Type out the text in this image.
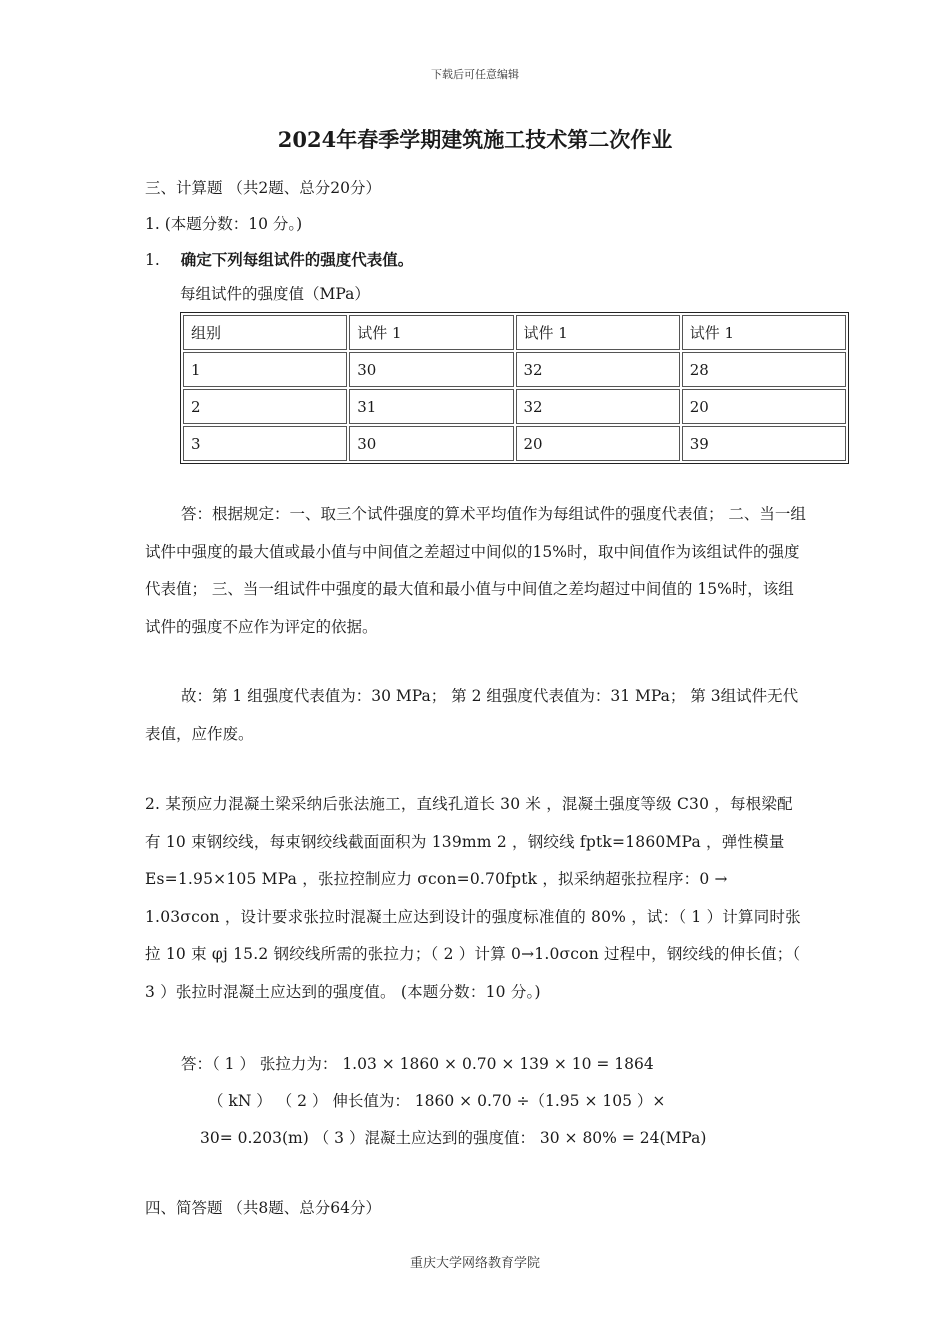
下载后可任意编辑
2024年春季学期建筑施工技术第二次作业
三、计算题 （共2题、总分20分）
1. (本题分数：10 分。)
1. 确定下列每组试件的强度代表值。
每组试件的强度值（MPa）
组别	试件 1	试件 1	试件 1
1	30	32	28
2	31	32	20
3	30	20	39
答：根据规定：一、取三个试件强度的算术平均值作为每组试件的强度代表值； 二、当一组试件中强度的最大值或最小值与中间值之差超过中间似的15%时，取中间值作为该组试件的强度代表值； 三、当一组试件中强度的最大值和最小值与中间值之差均超过中间值的 15%时，该组试件的强度不应作为评定的依据。
故：第 1 组强度代表值为：30 MPa； 第 2 组强度代表值为：31 MPa； 第 3组试件无代表值，应作废。
2. 某预应力混凝土梁采纳后张法施工，直线孔道长 30 米 ，混凝土强度等级 C30 ，每根梁配有 10 束钢绞线，每束钢绞线截面面积为 139mm 2 ，钢绞线 fptk=1860MPa ，弹性模量 Es=1.95×105 MPa ，张拉控制应力 σcon=0.70fptk ，拟采纳超张拉程序：0 → 1.03σcon ，设计要求张拉时混凝土应达到设计的强度标准值的 80% ，试：（ 1 ）计算同时张拉 10 束 φj 15.2 钢绞线所需的张拉力；（ 2 ）计算 0→1.0σcon 过程中，钢绞线的伸长值；（ 3 ）张拉时混凝土应达到的强度值。 (本题分数：10 分。)
答：（ 1 ） 张拉力为： 1.03 × 1860 × 0.70 × 139 × 10 = 1864
（ kN ） （ 2 ） 伸长值为： 1860 × 0.70 ÷（1.95 × 105 ）×
30= 0.203(m) （ 3 ）混凝土应达到的强度值： 30 × 80% = 24(MPa)
四、简答题 （共8题、总分64分）
重庆大学网络教育学院
